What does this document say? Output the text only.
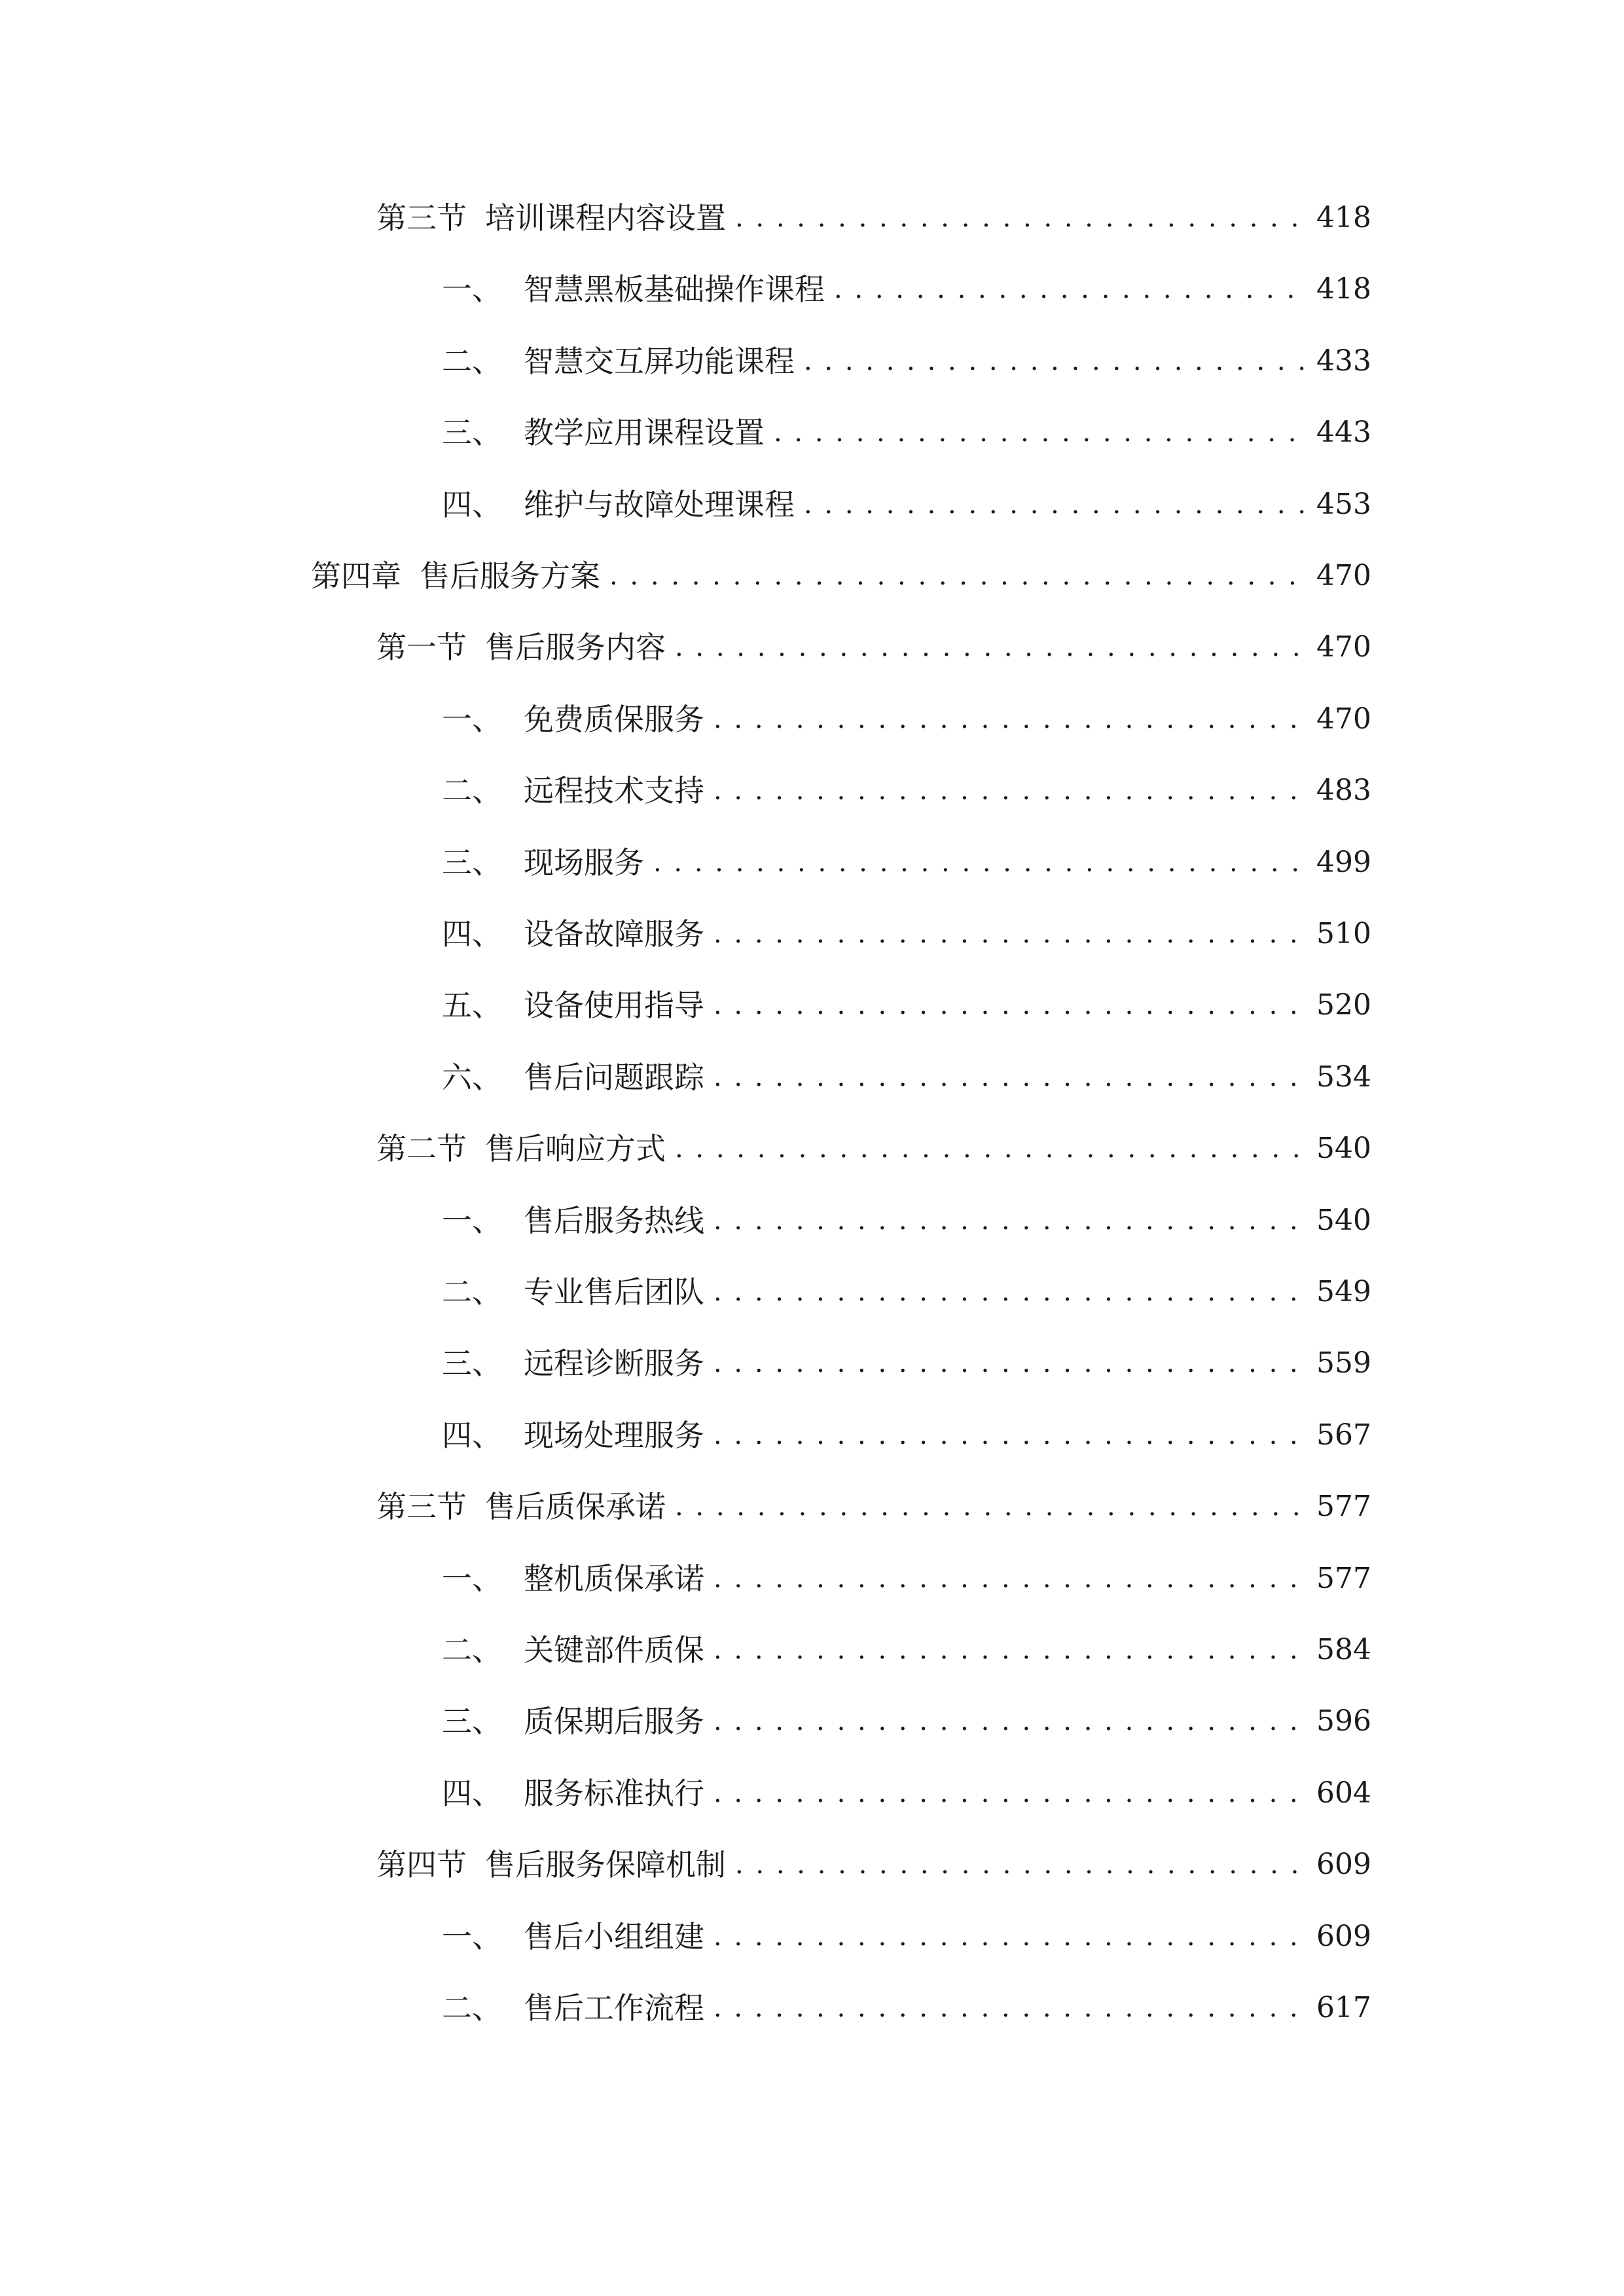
第三节 培训课程内容设置 . . .	418
一、 智慧黑板基础操作课程 . . .	418
二、 智慧交互屏功能课程 . . .	433
三、 教学应用课程设置 . . .	443
四、 维护与故障处理课程 . . .	453
第四章 售后服务方案 . . .	470
第一节 售后服务内容 . . .	470
一、 免费质保服务 . . .	470
二、 远程技术支持 . . .	483
三、 现场服务 . . .	499
四、 设备故障服务 . . .	510
五、 设备使用指导 . . .	520
六、 售后问题跟踪 . . .	534
第二节 售后响应方式 . . .	540
一、 售后服务热线 . . .	540
二、 专业售后团队 . . .	549
三、 远程诊断服务 . . .	559
四、 现场处理服务 . . .	567
第三节 售后质保承诺 . . .	577
一、 整机质保承诺 . . .	577
二、 关键部件质保 . . .	584
三、 质保期后服务 . . .	596
四、 服务标准执行 . . .	604
第四节 售后服务保障机制 . . .	609
一、 售后小组组建 . . .	609
二、 售后工作流程 . . .	617
